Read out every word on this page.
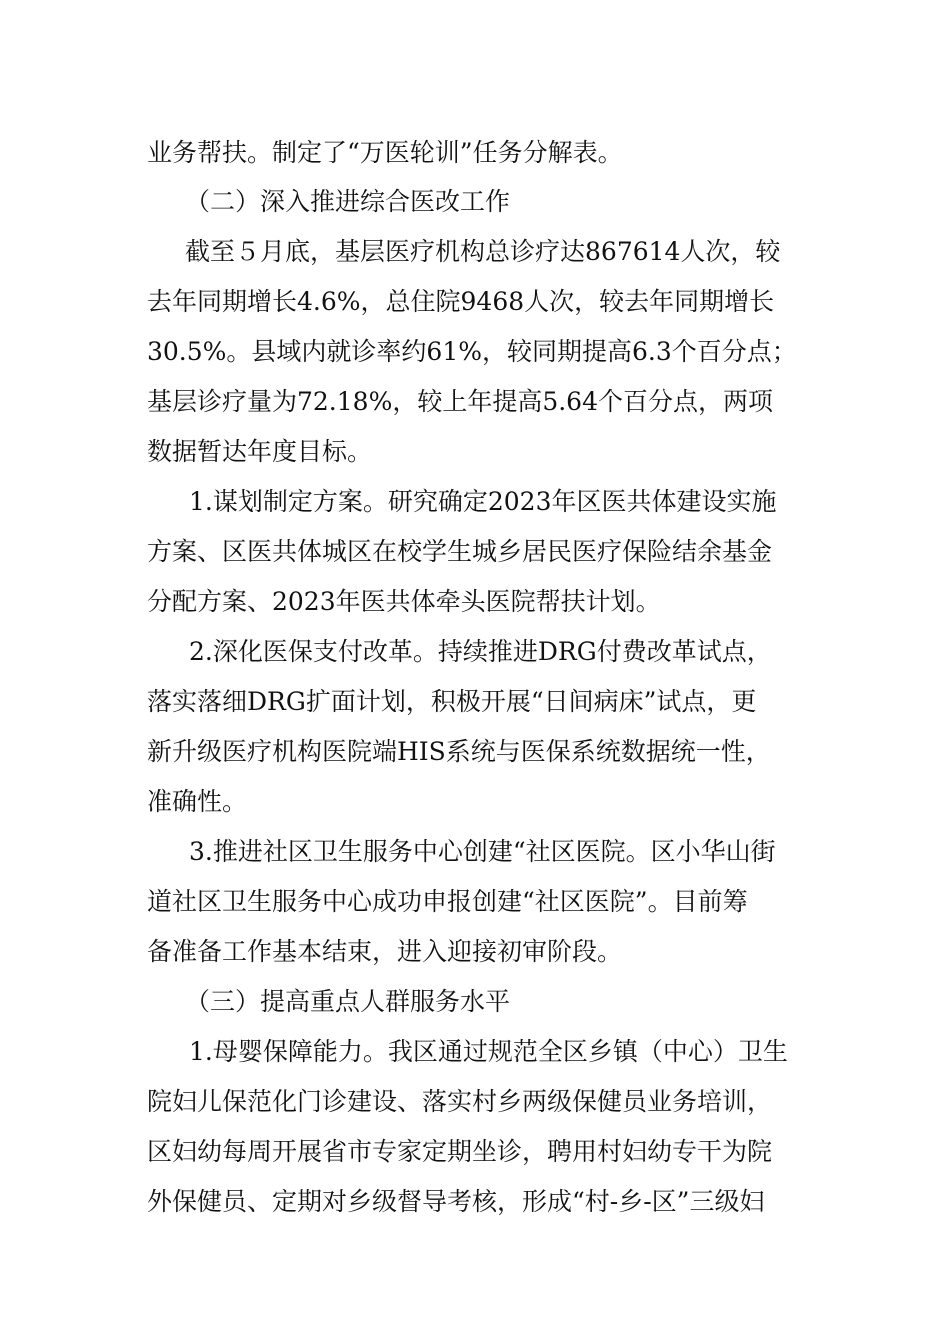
业务帮扶。制定了“万医轮训”任务分解表。
（二）深入推进综合医改工作
截至５月底，基层医疗机构总诊疗达867614人次，较
去年同期增长4.6%，总住院9468人次，较去年同期增长
30.5%。县域内就诊率约61%，较同期提高6.3个百分点；
基层诊疗量为72.18%，较上年提高5.64个百分点，两项
数据暂达年度目标。
1.谋划制定方案。研究确定2023年区医共体建设实施
方案、区医共体城区在校学生城乡居民医疗保险结余基金
分配方案、2023年医共体牵头医院帮扶计划。
2.深化医保支付改革。持续推进DRG付费改革试点，
落实落细DRG扩面计划，积极开展“日间病床”试点，更
新升级医疗机构医院端HIS系统与医保系统数据统一性，
准确性。
3.推进社区卫生服务中心创建“社区医院。区小华山街
道社区卫生服务中心成功申报创建“社区医院”。目前筹
备准备工作基本结束，进入迎接初审阶段。
（三）提高重点人群服务水平
1.母婴保障能力。我区通过规范全区乡镇（中心）卫生
院妇儿保范化门诊建设、落实村乡两级保健员业务培训，
区妇幼每周开展省市专家定期坐诊，聘用村妇幼专干为院
外保健员、定期对乡级督导考核，形成“村-乡-区”三级妇
